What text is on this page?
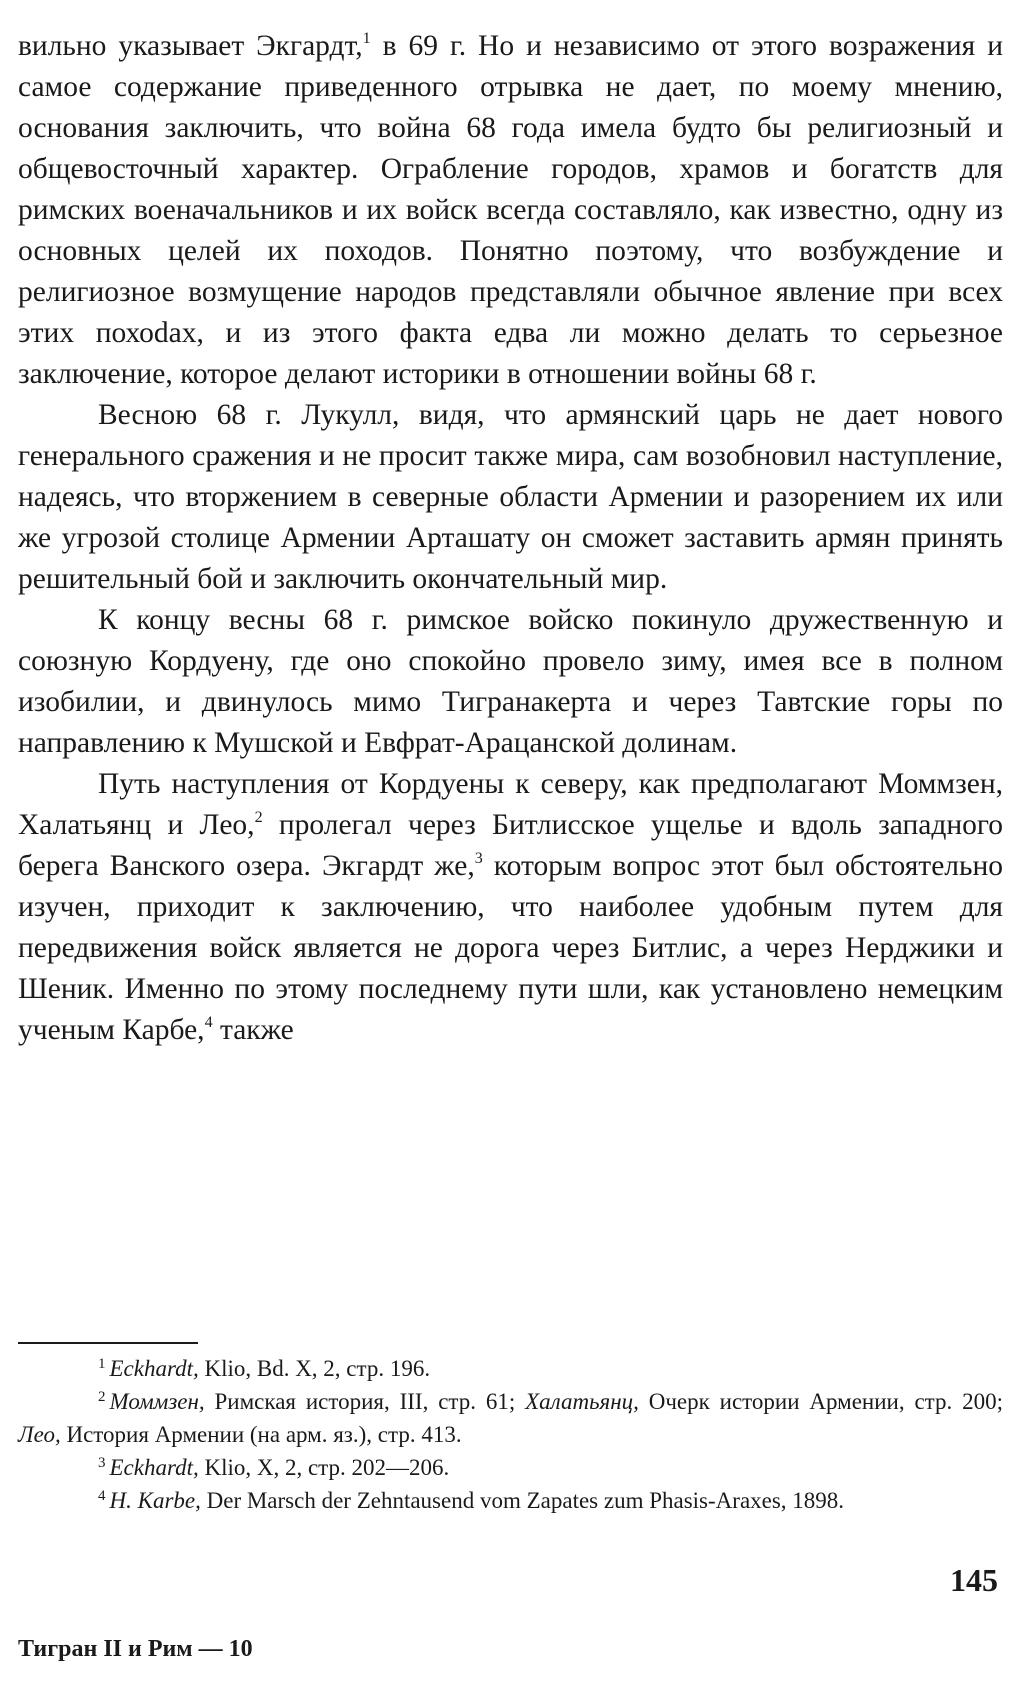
вильно указывает Экгардт,$^1$ в 69 г. Но и независимо от этого возражения и самое содержание приведенного отрывка не дает, по моему мнению, основания заключить, что война 68 года имела будто бы религиозный и общевосточный характер. Ограбление городов, храмов и богатств для римских военачальников и их войск всегда составляло, как известно, одну из основных целей их походов. Понятно поэтому, что возбуждение и религиозное возмущение народов представляли обычное явление при всех этих похоdах, и из этого факта едва ли можно делать то серьезное заключение, которое делают историки в отношении войны 68 г.

Весною 68 г. Лукулл, видя, что армянский царь не дает нового генерального сражения и не просит также мира, сам возобновил наступление, надеясь, что вторжением в северные области Армении и разорением их или же угрозой столице Армении Арташату он сможет заставить армян принять решительный бой и заключить окончательный мир.

К концу весны 68 г. римское войско покинуло дружественную и союзную Кордуену, где оно спокойно провело зиму, имея все в полном изобилии, и двинулось мимо Тигранакерта и через Тавтские горы по направлению к Мушской и Евфрат-Арацанской долинам.

Путь наступления от Кордуены к северу, как предполагают Моммзен, Халатьянц и Лео,$^2$ пролегал через Битлисское ущелье и вдоль западного берега Ванского озера. Экгардт же,$^3$ которым вопрос этот был обстоятельно изучен, приходит к заключению, что наиболее удобным путем для передвижения войск является не дорога через Битлис, а через Нерджики и Шеник. Именно по этому последнему пути шли, как установлено немецким ученым Карбе,$^4$ также

$^1$ Eckhardt, Klio, Bd. X, 2, стр. 196.

$^2$ Моммзен, Римская история, III, стр. 61; Халатьянц, Очерк истории Армении, стр. 200; Лео, История Армении (на арм. яз.), стр. 413.

$^3$ Eckhardt, Klio, X, 2, стр. 202—206.

$^4$ H. Karbe, Der Marsch der Zehntausend vom Zapates zum Phasis-Araxes, 1898.

145
Тигран II и Рим — 10
